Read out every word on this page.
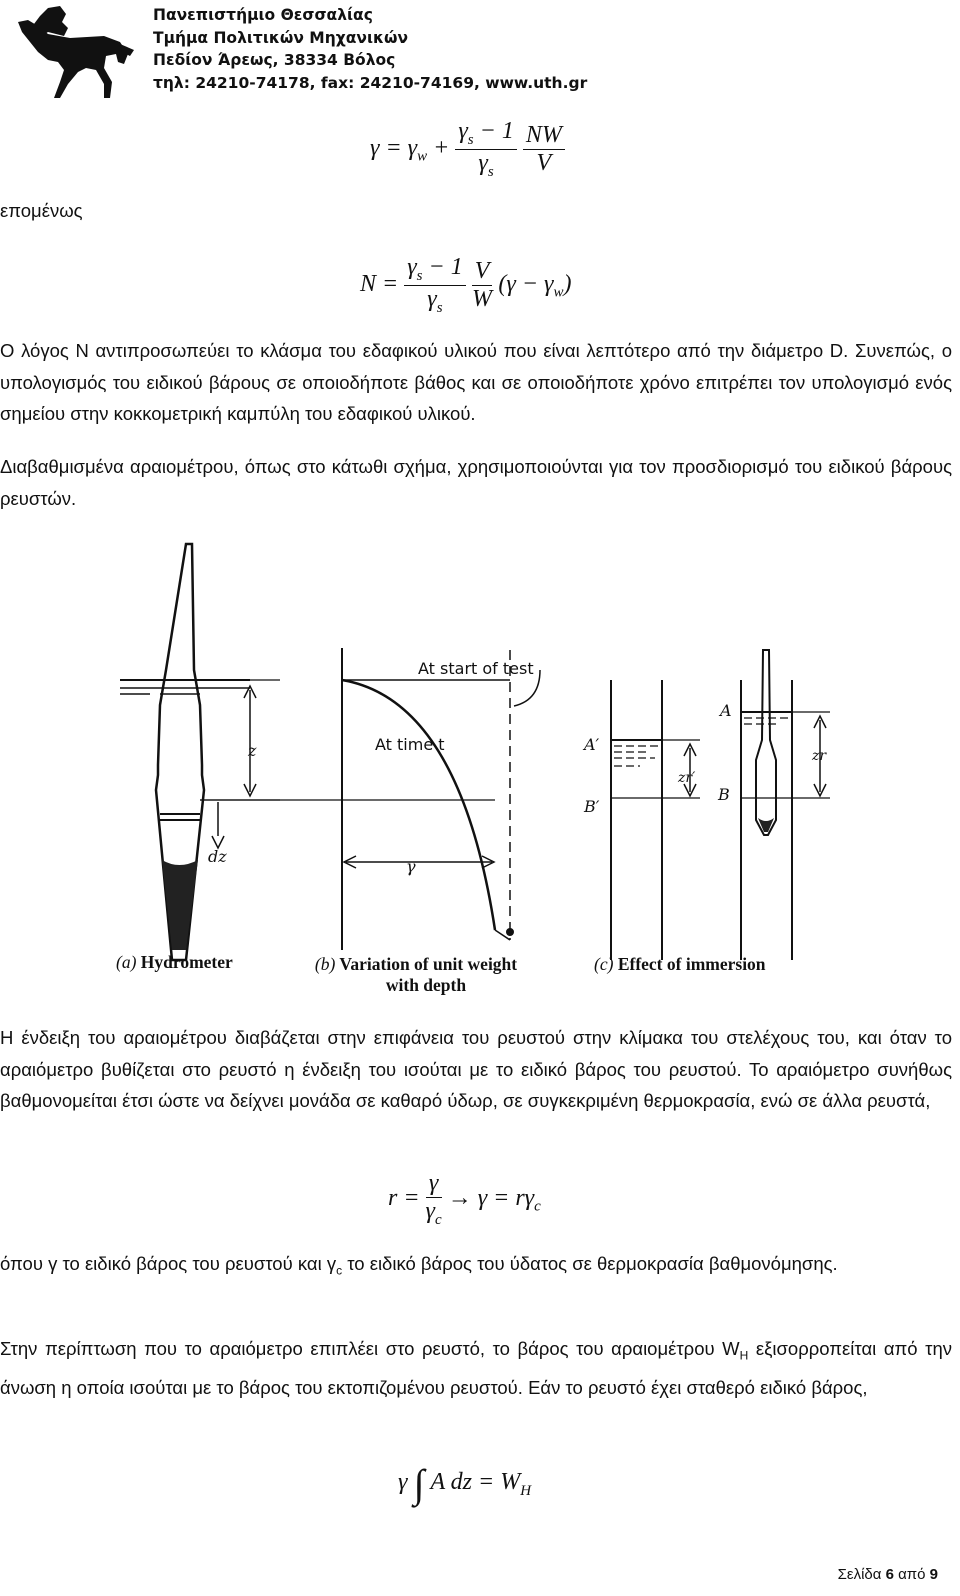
Πανεπιστήμιο Θεσσαλίας
Τμήμα Πολιτικών Μηχανικών
Πεδίον Άρεως, 38334 Βόλος
τηλ: 24210-74178, fax: 24210-74169, www.uth.gr
$\gamma = \gamma_w + \frac{\gamma_s - 1}{\gamma_s}$
$\frac{NW}{V}$
επομένως
$N = \frac{\gamma_s - 1}{\gamma_s}$
$\frac{V}{W} (\gamma - \gamma_w)$
Ο λόγος N αντιπροσωπεύει το κλάσμα του εδαφικού υλικού που είναι λεπτότερο από την διάμετρο D. Συνεπώς, ο υπολογισμός του ειδικού βάρους σε οποιοδήποτε βάθος και σε οποιοδήποτε χρόνο επιτρέπει τον υπολογισμό ενός σημείου στην κοκκομετρική καμπύλη του εδαφικού υλικού.
Διαβαθμισμένα αραιομέτρου, όπως στο κάτωθι σχήμα, χρησιμοποιούνται για τον προσδιορισμό του ειδικού βάρους ρευστών.
At start of test
At time t
z
dz
γ
A′
B′
zr′
A
B
zr
(a) Hydrometer	(b) Variation of unit weight
with depth
(c) Effect of immersion
Η ένδειξη του αραιομέτρου διαβάζεται στην επιφάνεια του ρευστού στην κλίμακα του στελέχους του, και όταν το αραιόμετρο βυθίζεται στο ρευστό η ένδειξη του ισούται με το ειδικό βάρος του ρευστού. Το αραιόμετρο συνήθως βαθμονομείται έτσι ώστε να δείχνει μονάδα σε καθαρό ύδωρ, σε συγκεκριμένη θερμοκρασία, ενώ σε άλλα ρευστά,
$r = \frac{\gamma}{\gamma_c} \to \gamma = r\gamma_c$
όπου γ το ειδικό βάρος του ρευστού και $\gamma_c$ το ειδικό βάρος του ύδατος σε θερμοκρασία βαθμονόμησης.
Στην περίπτωση που το αραιόμετρο επιπλέει στο ρευστό, το βάρος του αραιομέτρου $W_H$ εξισορροπείται από την άνωση η οποία ισούται με το βάρος του εκτοπιζομένου ρευστού. Εάν το ρευστό έχει σταθερό ειδικό βάρος,
γ ∫ A dz = $W_H$
Σελίδα 6 από 9
